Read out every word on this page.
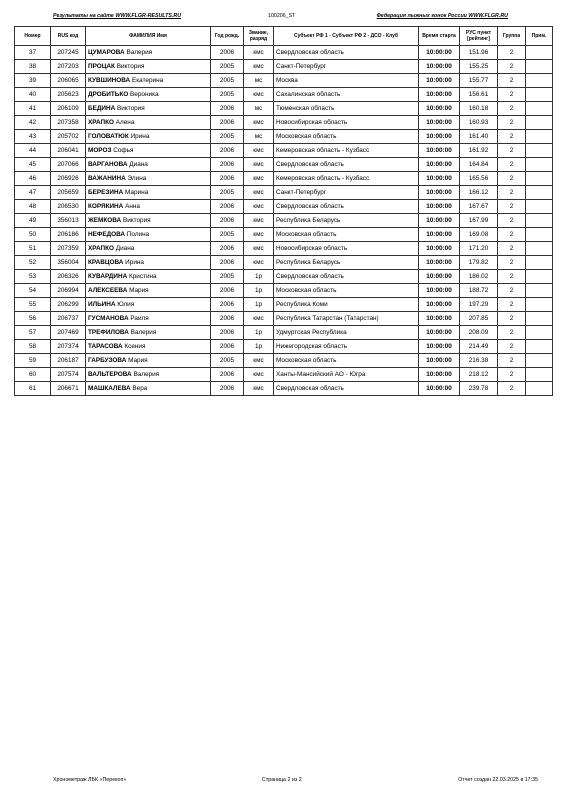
Результаты на сайте WWW.FLGR-RESULTS.RU	100206_ST	Федерация лыжных гонок России WWW.FLGR.RU
Номер	RUS код	ФАМИЛИЯ Имя	Год рожд.	Звание, разряд	Субъект РФ 1 - Субъект РФ 2 - ДСО - Клуб	Время старта	РУС пункт [рейтинг]	Группа	Прим.
37	207245	ЦУМАРОВА Валерия	2006	кмс	Свердловская область	10:00:00	151.96	2	
38	207203	ПРОЦАК Виктория	2005	кмс	Санкт-Петербург	10:00:00	155.25	2	
39	206065	КУВШИНОВА Екатерина	2005	мс	Москва	10:00:00	155.77	2	
40	205623	ДРОБИТЬКО Вероника	2005	кмс	Сахалинская область	10:00:00	156.61	2	
41	206109	БЕДИНА Виктория	2006	мс	Тюменская область	10:00:00	160.18	2	
42	207358	ХРАПКО Алена	2006	кмс	Новосибирская область	10:00:00	160.93	2	
43	205702	ГОЛОВАТЮК Ирина	2005	мс	Московская область	10:00:00	161.40	2	
44	206041	МОРОЗ Софья	2006	кмс	Кемеровская область - Кузбасс	10:00:00	161.92	2	
45	207066	ВАРГАНОВА Диана	2006	кмс	Свердловская область	10:00:00	164.84	2	
46	206926	ВАЖАНИНА Элина	2006	кмс	Кемеровская область - Кузбасс	10:00:00	165.56	2	
47	205659	БЕРЕЗИНА Марина	2005	кмс	Санкт-Петербург	10:00:00	166.12	2	
48	206530	КОРЯКИНА Анна	2006	кмс	Свердловская область	10:00:00	167.67	2	
49	356013	ЖЕМКОВА Виктория	2006	кмс	Республика Беларусь	10:00:00	167.99	2	
50	206186	НЕФЕДОВА Полина	2005	кмс	Московская область	10:00:00	169.08	2	
51	207359	ХРАПКО Диана	2006	кмс	Новосибирская область	10:00:00	171.20	2	
52	356004	КРАВЦОВА Ирина	2006	кмс	Республика Беларусь	10:00:00	179.82	2	
53	206326	КУВАРДИНА Кристина	2005	1р	Свердловская область	10:00:00	186.02	2	
54	206994	АЛЕКСЕЕВА Мария	2006	1р	Московская область	10:00:00	188.72	2	
55	206299	ИЛЬИНА Юлия	2006	1р	Республика Коми	10:00:00	197.29	2	
56	206737	ГУСМАНОВА Раиля	2006	кмс	Республика Татарстан (Татарстан)	10:00:00	207.85	2	
57	207469	ТРЕФИЛОВА Валерия	2006	1р	Удмуртская Республика	10:00:00	208.09	2	
58	207374	ТАРАСОВА Ксения	2006	1р	Нижегородская область	10:00:00	214.49	2	
59	206187	ГАРБУЗОВА Мария	2005	кмс	Московская область	10:00:00	216.38	2	
60	207574	ВАЛЬТЕРОВА Валерия	2006	кмс	Ханты-Мансийский АО - Югра	10:00:00	218.12	2	
61	206671	МАШКАЛЕВА Вера	2006	кмс	Свердловская область	10:00:00	239.78	2	
Хронометраж ЛБК «Перекоп»	Страница 2 из 2	Отчет создан 22.03.2025 в 17:35
